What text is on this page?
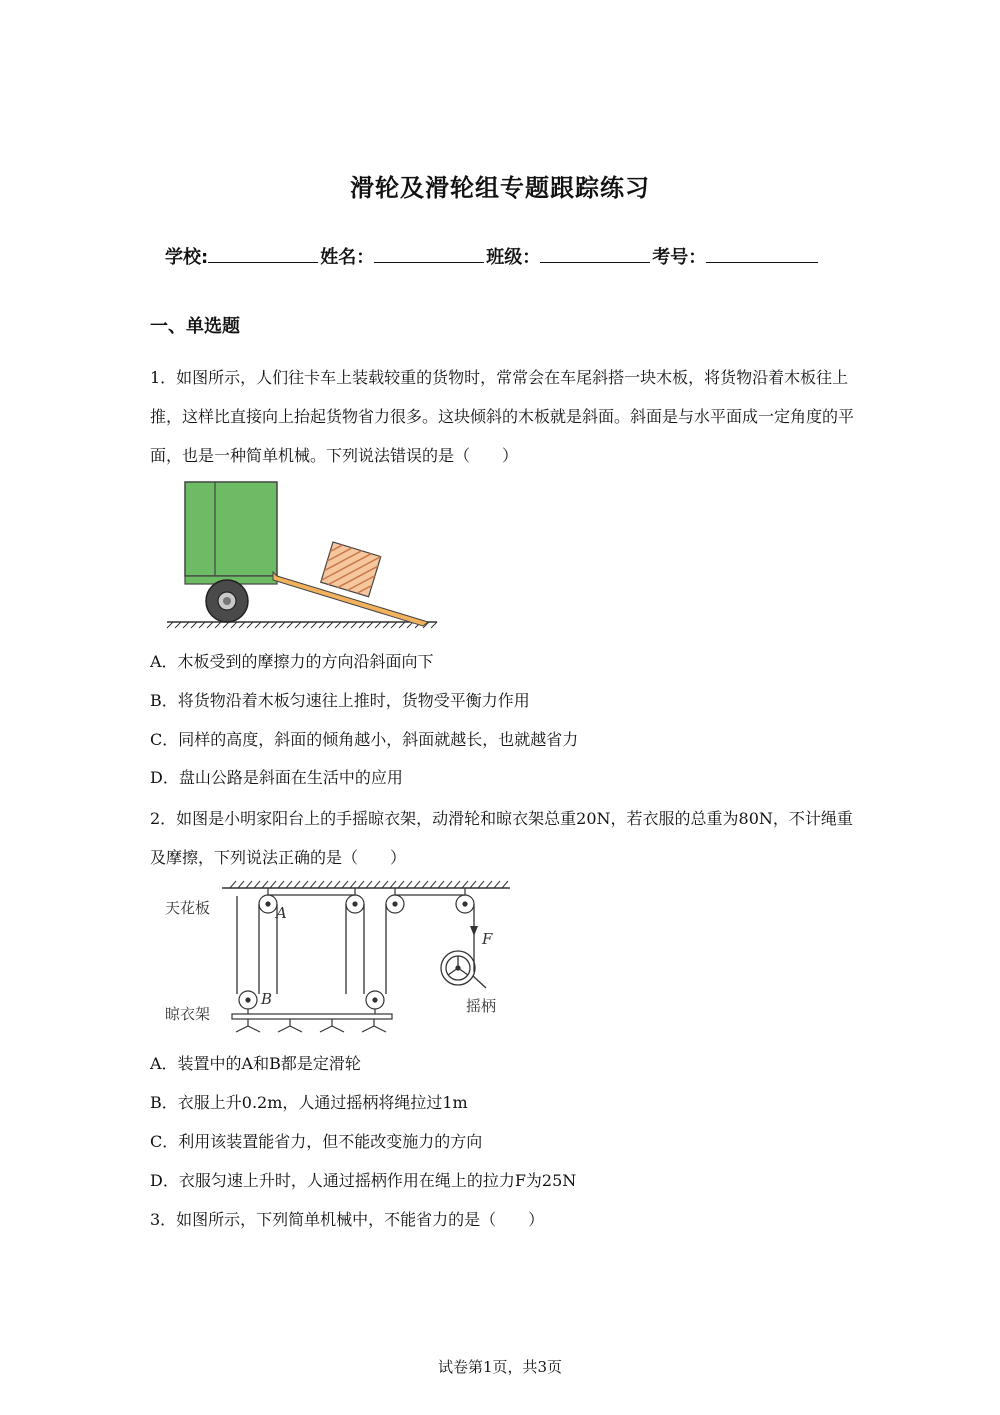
滑轮及滑轮组专题跟踪练习
学校:	姓名：	班级：	考号：
一、单选题
1．如图所示，人们往卡车上装载较重的货物时，常常会在车尾斜搭一块木板，将货物沿着木板往上推，这样比直接向上抬起货物省力很多。这块倾斜的木板就是斜面。斜面是与水平面成一定角度的平面，也是一种简单机械。下列说法错误的是（　　）
A．木板受到的摩擦力的方向沿斜面向下
B．将货物沿着木板匀速往上推时，货物受平衡力作用
C．同样的高度，斜面的倾角越小，斜面就越长，也就越省力
D．盘山公路是斜面在生活中的应用
2．如图是小明家阳台上的手摇晾衣架，动滑轮和晾衣架总重20N，若衣服的总重为80N，不计绳重及摩擦，下列说法正确的是（　　）
天花板
晾衣架	摇柄
A
B
F
A．装置中的A和B都是定滑轮
B．衣服上升0.2m，人通过摇柄将绳拉过1m
C．利用该装置能省力，但不能改变施力的方向
D．衣服匀速上升时，人通过摇柄作用在绳上的拉力F为25N
3．如图所示，下列简单机械中，不能省力的是（　　）
试卷第1页，共3页
